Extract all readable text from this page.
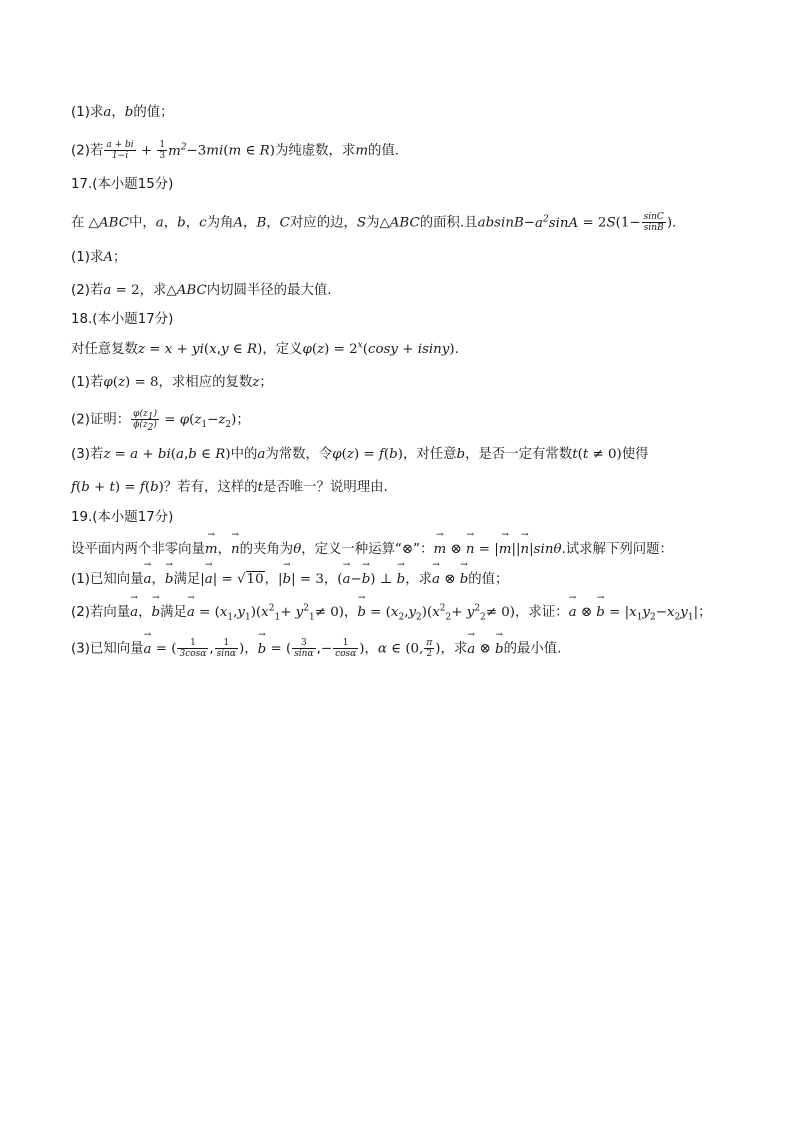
(1)求a，b的值；
(2)若 $\frac{a + bi}{1-i} + \frac{1}{3} m^2-3mi(m$ ∈ R)为纯虚数，求m的值.
17.(本小题15分)
在 △ABC中，a，b，c为角A，B，C对应的边，S为△ABC的面积.且$absinB-a^2\sin A = 2S(1- \frac{\sin C}{\sin B}$ ).
(1)求A；
(2)若a = 2，求△ABC内切圆半径的最大值.
18.(本小题17分)
对任意复数z = x + yi(x,y ∈ R)，定义$\varphi(z) = 2^x(\cos y + isiny)$.
(1)若φ(z) = 8，求相应的复数z；
(2)证明： $\frac{\varphi(z_1)}{\phi(z_2)} = \varphi(z_1-z_2)$；
(3)若z = a + bi(a,b ∈ R)中的a为常数，令φ(z) = f(b)，对任意b，是否一定有常数t(t ≠ 0)使得
f(b + t) = f(b)？若有，这样的t是否唯一？说明理由.
19.(本小题17分)
设平面内两个非零向量→ m，→ n的夹角为θ，定义一种运算“⊗”：→ m ⊗ → n = |→ m||→ n|sinθ.试求解下列问题：
(1)已知向量→ a，→ b满足|→ a| = √10，|→ b| = 3，(→ a−→ b) ⊥ → b，求→ a ⊗ → b的值；
(2)若向量→ a，→ b满足→ $a = (x_1,y_1)(x^2_1+ y^2_1\ne 0)$，→ $b = (x_2,y_2)(x^2_2+ y^2_2\ne 0)$，求证：→ a ⊗ → $b = |x_1y_2-x_2y_1|$；
(3)已知向量→ a = ( $\frac{1}{3\cos\alpha}$ , $\frac{1}{\sin\alpha}$ )，→ b = ( $\frac{3}{\sin\alpha}$ ,− $\frac{1}{\cos\alpha}$ )，α ∈ (0, $\frac{\pi}{2}$ )，求→ a ⊗ → b的最小值.
